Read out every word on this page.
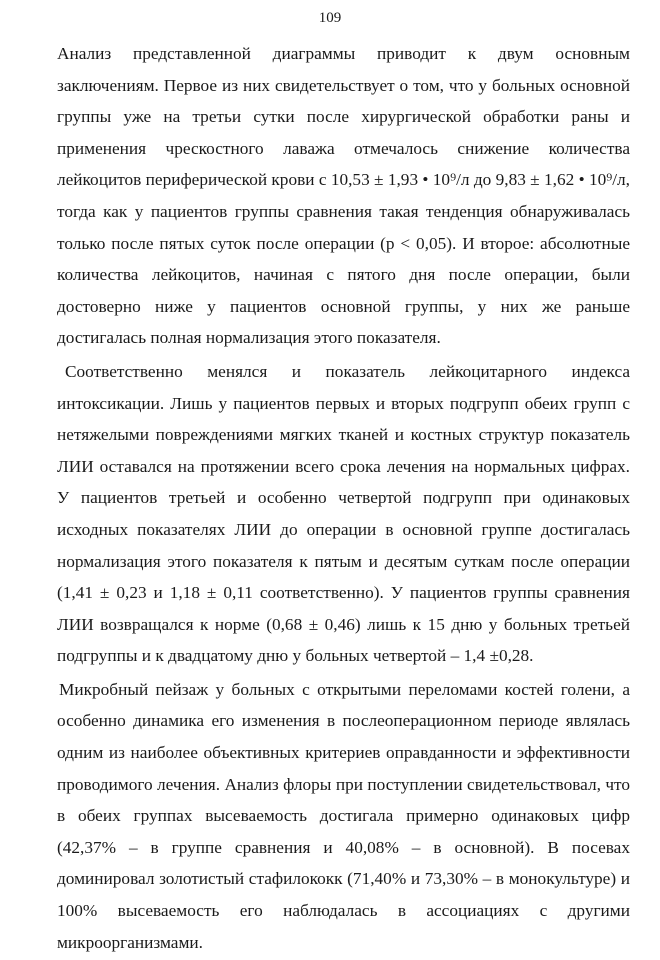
109

Анализ представленной диаграммы приводит к двум основным заключениям. Первое из них свидетельствует о том, что у больных основной группы уже на третьи сутки после хирургической обработки раны и применения чрескостного лаважа отмечалось снижение количества лейкоцитов периферической крови с 10,53 ± 1,93 • 10⁹/л до 9,83 ± 1,62 • 10⁹/л, тогда как у пациентов группы сравнения такая тенденция обнаруживалась только после пятых суток после операции (р < 0,05). И второе: абсолютные количества лейкоцитов, начиная с пятого дня после операции, были достоверно ниже у пациентов основной группы, у них же раньше достигалась полная нормализация этого показателя.

Соответственно менялся и показатель лейкоцитарного индекса интоксикации. Лишь у пациентов первых и вторых подгрупп обеих групп с нетяжелыми повреждениями мягких тканей и костных структур показатель ЛИИ оставался на протяжении всего срока лечения на нормальных цифрах. У пациентов третьей и особенно четвертой подгрупп при одинаковых исходных показателях ЛИИ до операции в основной группе достигалась нормализация этого показателя к пятым и десятым суткам после операции (1,41 ± 0,23 и 1,18 ± 0,11 соответственно). У пациентов группы сравнения ЛИИ возвращался к норме (0,68 ± 0,46) лишь к 15 дню у больных третьей подгруппы и к двадцатому дню у больных четвертой – 1,4 ±0,28.

Микробный пейзаж у больных с открытыми переломами костей голени, а особенно динамика его изменения в послеоперационном периоде являлась одним из наиболее объективных критериев оправданности и эффективности проводимого лечения. Анализ флоры при поступлении свидетельствовал, что в обеих группах высеваемость достигала примерно одинаковых цифр (42,37% – в группе сравнения и 40,08% – в основной). В посевах доминировал золотистый стафилококк (71,40% и 73,30% – в монокультуре) и 100% высеваемость его наблюдалась в ассоциациях с другими микроорганизмами.
